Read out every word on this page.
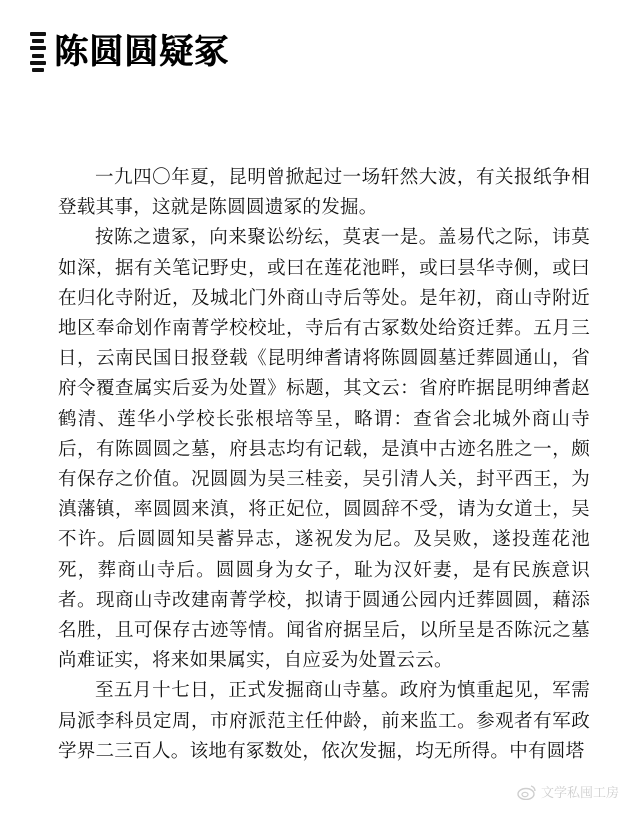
陈圆圆疑冢

一九四〇年夏，昆明曾掀起过一场轩然大波，有关报纸争相登载其事，这就是陈圆圆遗冢的发掘。

按陈之遗冢，向来聚讼纷纭，莫衷一是。盖易代之际，讳莫如深，据有关笔记野史，或曰在莲花池畔，或曰昙华寺侧，或曰在归化寺附近，及城北门外商山寺后等处。是年初，商山寺附近地区奉命划作南菁学校校址，寺后有古冢数处给资迁葬。五月三日，云南民国日报登载《昆明绅耆请将陈圆圆墓迁葬圆通山，省府令覆查属实后妥为处置》标题，其文云：省府昨据昆明绅耆赵鹤清、莲华小学校长张根培等呈，略谓：查省会北城外商山寺后，有陈圆圆之墓，府县志均有记载，是滇中古迹名胜之一，颇有保存之价值。况圆圆为吴三桂妾，吴引清人关，封平西王，为滇藩镇，率圆圆来滇，将正妃位，圆圆辞不受，请为女道士，吴不许。后圆圆知吴蓄异志，遂祝发为尼。及吴败，遂投莲花池死，葬商山寺后。圆圆身为女子，耻为汉奸妻，是有民族意识者。现商山寺改建南菁学校，拟请于圆通公园内迁葬圆圆，藉添名胜，且可保存古迹等情。闻省府据呈后，以所呈是否陈沅之墓尚难证实，将来如果属实，自应妥为处置云云。

至五月十七日，正式发掘商山寺墓。政府为慎重起见，军需局派李科员定周，市府派范主任仲龄，前来监工。参观者有军政学界二三百人。该地有冢数处，依次发掘，均无所得。中有圆塔

文学私囤工房
